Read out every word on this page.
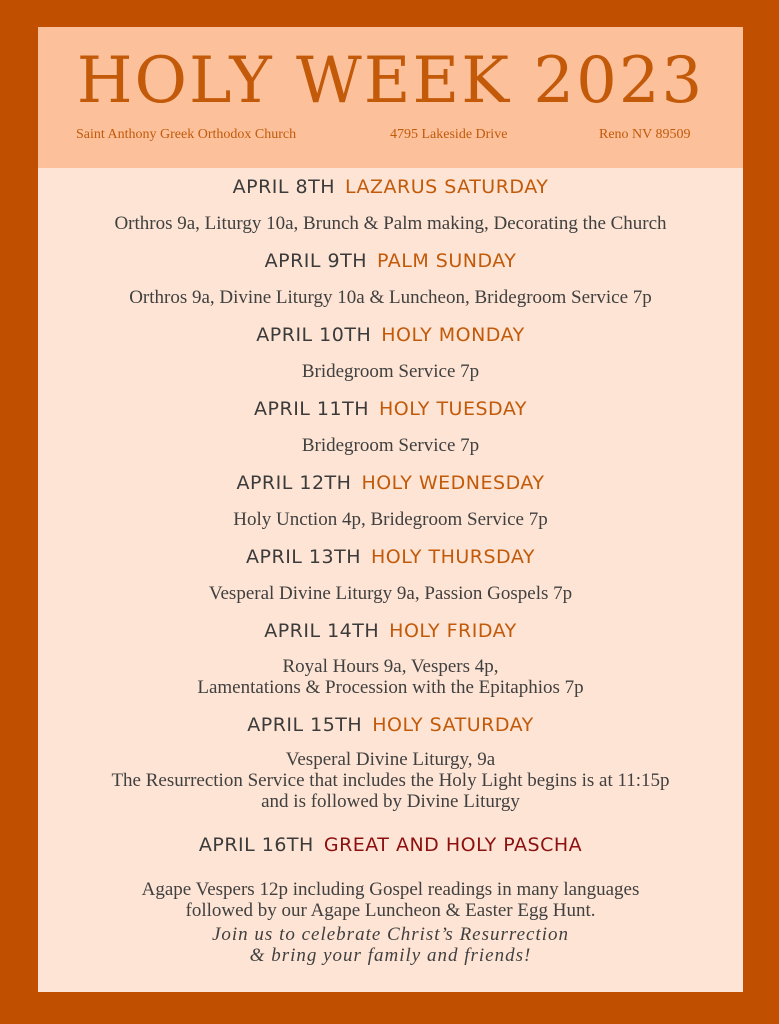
HOLY WEEK 2023
Saint Anthony Greek Orthodox Church	4795 Lakeside Drive	Reno NV 89509
APRIL 8TH LAZARUS SATURDAY
Orthros 9a, Liturgy 10a, Brunch & Palm making, Decorating the Church
APRIL 9TH PALM SUNDAY
Orthros 9a, Divine Liturgy 10a & Luncheon, Bridegroom Service 7p
APRIL 10TH HOLY MONDAY
Bridegroom Service 7p
APRIL 11TH HOLY TUESDAY
Bridegroom Service 7p
APRIL 12TH HOLY WEDNESDAY
Holy Unction 4p, Bridegroom Service 7p
APRIL 13TH HOLY THURSDAY
Vesperal Divine Liturgy 9a, Passion Gospels 7p
APRIL 14TH HOLY FRIDAY
Royal Hours 9a, Vespers 4p,
Lamentations & Procession with the Epitaphios 7p
APRIL 15TH HOLY SATURDAY
Vesperal Divine Liturgy, 9a
The Resurrection Service that includes the Holy Light begins is at 11:15p
and is followed by Divine Liturgy
APRIL 16TH GREAT AND HOLY PASCHA
Agape Vespers 12p including Gospel readings in many languages
followed by our Agape Luncheon & Easter Egg Hunt.
Join us to celebrate Christ’s Resurrection
& bring your family and friends!
